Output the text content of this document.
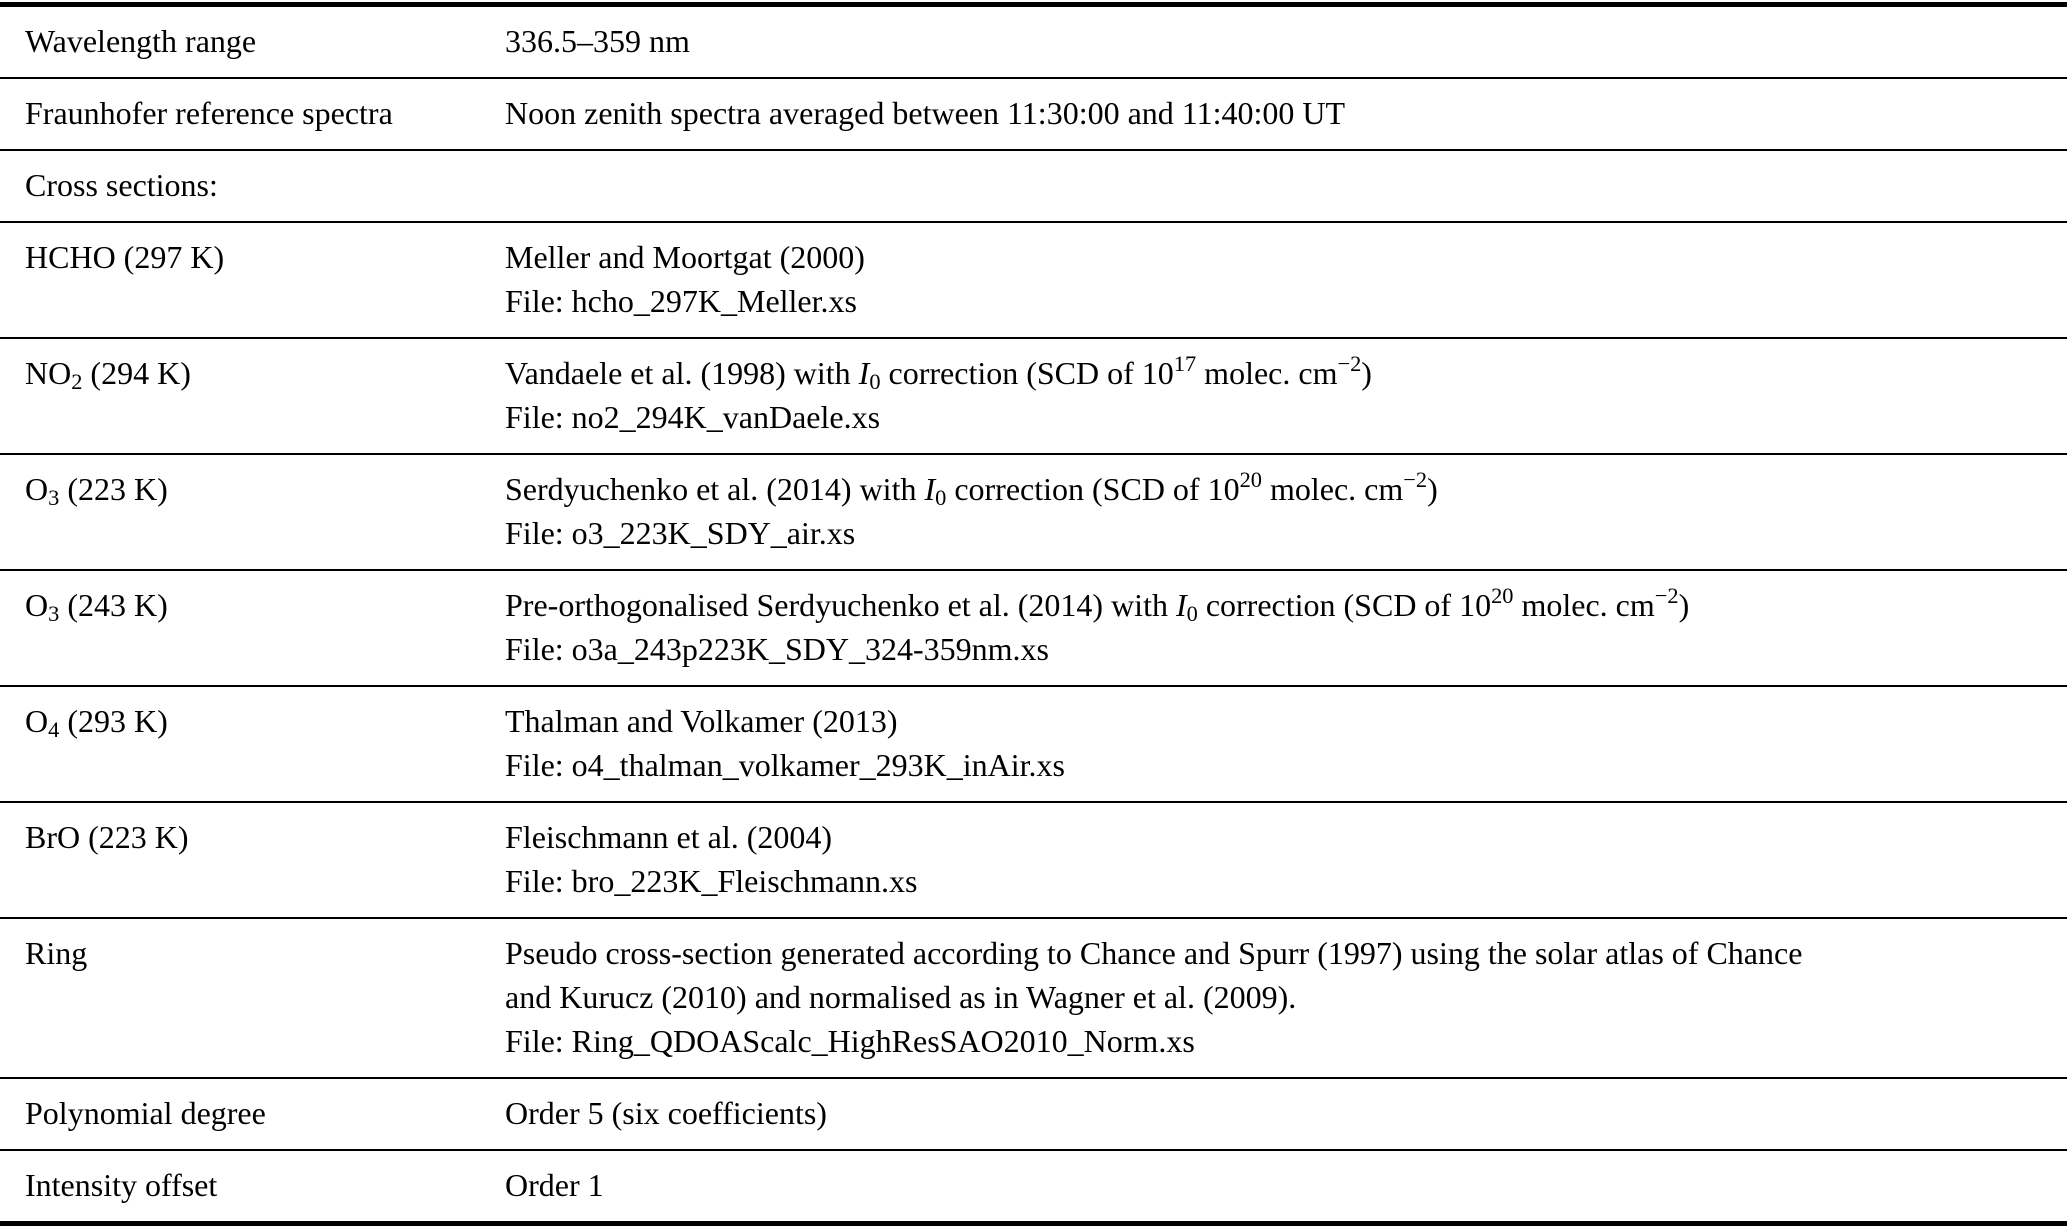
Wavelength range	336.5–359 nm
Fraunhofer reference spectra	Noon zenith spectra averaged between 11:30:00 and 11:40:00 UT
Cross sections:
HCHO (297 K)	Meller and Moortgat (2000)
File: hcho_297K_Meller.xs
NO2 (294 K)	Vandaele et al. (1998) with I0 correction (SCD of $10^{17}$ molec. $cm^{-2}$)
File: no2_294K_vanDaele.xs
O3 (223 K)	Serdyuchenko et al. (2014) with I0 correction (SCD of $10^{20}$ molec. $cm^{-2}$)
File: o3_223K_SDY_air.xs
O3 (243 K)	Pre-orthogonalised Serdyuchenko et al. (2014) with I0 correction (SCD of $10^{20}$ molec. $cm^{-2}$)
File: o3a_243p223K_SDY_324-359nm.xs
O4 (293 K)	Thalman and Volkamer (2013)
File: o4_thalman_volkamer_293K_inAir.xs
BrO (223 K)	Fleischmann et al. (2004)
File: bro_223K_Fleischmann.xs
Ring	Pseudo cross-section generated according to Chance and Spurr (1997) using the solar atlas of Chance
and Kurucz (2010) and normalised as in Wagner et al. (2009).
File: Ring_QDOAScalc_HighResSAO2010_Norm.xs
Polynomial degree	Order 5 (six coefficients)
Intensity offset	Order 1
